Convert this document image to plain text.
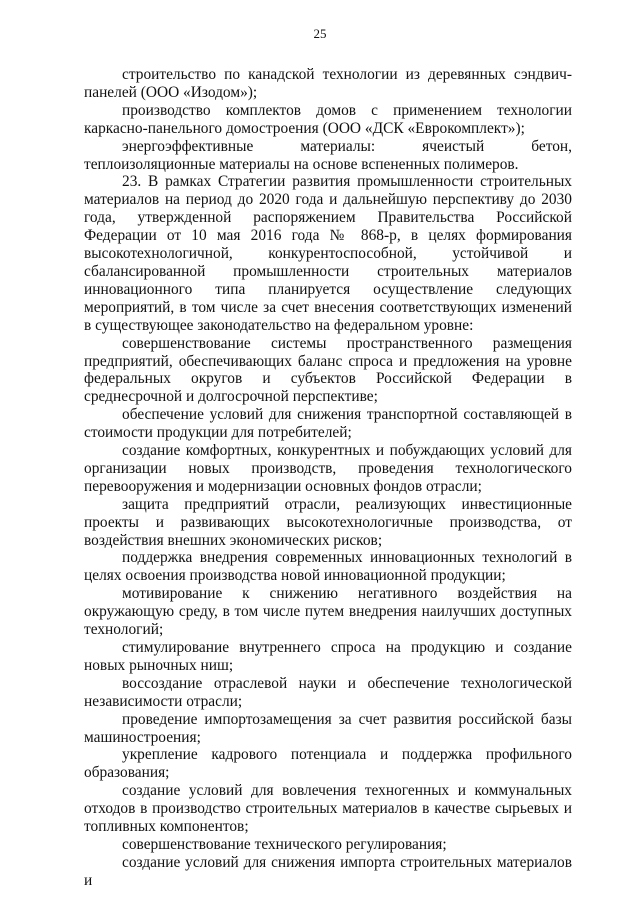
25

строительство по канадской технологии из деревянных сэндвич-панелей (ООО «Изодом»);

производство комплектов домов с применением технологии каркасно-панельного домостроения (ООО «ДСК «Еврокомплект»);

энергоэффективные материалы: ячеистый бетон, теплоизоляционные материалы на основе вспененных полимеров.

23. В рамках Стратегии развития промышленности строительных материалов на период до 2020 года и дальнейшую перспективу до 2030 года, утвержденной распоряжением Правительства Российской Федерации от 10 мая 2016 года № 868-р, в целях формирования высокотехнологичной, конкурентоспособной, устойчивой и сбалансированной промышленности строительных материалов инновационного типа планируется осуществление следующих мероприятий, в том числе за счет внесения соответствующих изменений в существующее законодательство на федеральном уровне:

совершенствование системы пространственного размещения предприятий, обеспечивающих баланс спроса и предложения на уровне федеральных округов и субъектов Российской Федерации в среднесрочной и долгосрочной перспективе;

обеспечение условий для снижения транспортной составляющей в стоимости продукции для потребителей;

создание комфортных, конкурентных и побуждающих условий для организации новых производств, проведения технологического перевооружения и модернизации основных фондов отрасли;

защита предприятий отрасли, реализующих инвестиционные проекты и развивающих высокотехнологичные производства, от воздействия внешних экономических рисков;

поддержка внедрения современных инновационных технологий в целях освоения производства новой инновационной продукции;

мотивирование к снижению негативного воздействия на окружающую среду, в том числе путем внедрения наилучших доступных технологий;

стимулирование внутреннего спроса на продукцию и создание новых рыночных ниш;

воссоздание отраслевой науки и обеспечение технологической независимости отрасли;

проведение импортозамещения за счет развития российской базы машиностроения;

укрепление кадрового потенциала и поддержка профильного образования;

создание условий для вовлечения техногенных и коммунальных отходов в производство строительных материалов в качестве сырьевых и топливных компонентов;

совершенствование технического регулирования;

создание условий для снижения импорта строительных материалов и
